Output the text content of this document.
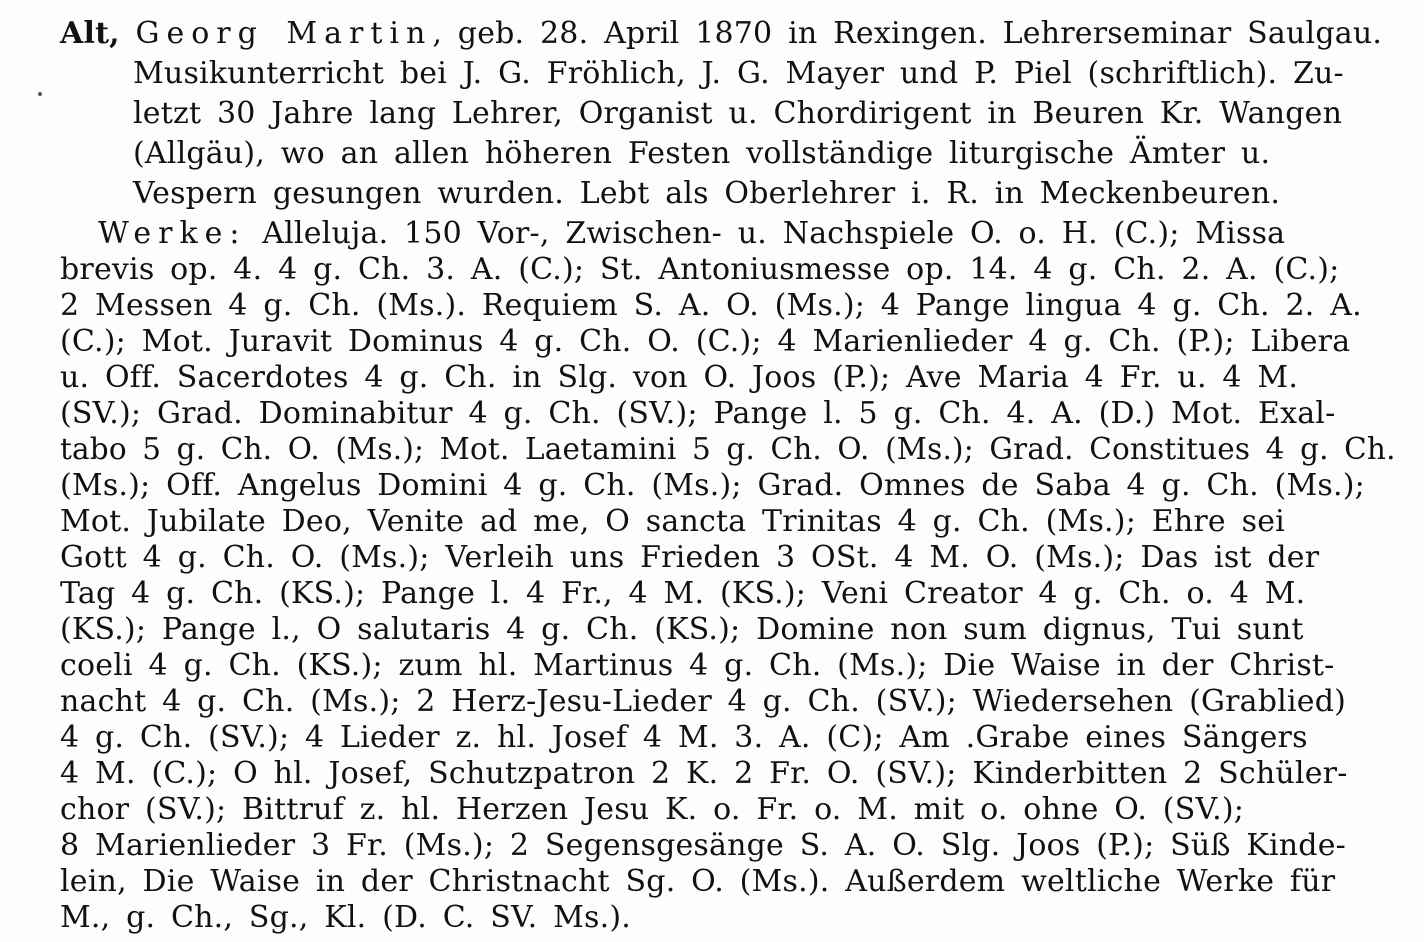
Alt, Georg Martin, geb. 28. April 1870 in Rexingen. Lehrerseminar Saulgau.
Musikunterricht bei J. G. Fröhlich, J. G. Mayer und P. Piel (schriftlich). Zu-
letzt 30 Jahre lang Lehrer, Organist u. Chordirigent in Beuren Kr. Wangen
(Allgäu), wo an allen höheren Festen vollständige liturgische Ämter u.
Vespern gesungen wurden. Lebt als Oberlehrer i. R. in Meckenbeuren.
Werke: Alleluja. 150 Vor-, Zwischen- u. Nachspiele O. o. H. (C.); Missa
brevis op. 4. 4 g. Ch. 3. A. (C.); St. Antoniusmesse op. 14. 4 g. Ch. 2. A. (C.);
2 Messen 4 g. Ch. (Ms.). Requiem S. A. O. (Ms.); 4 Pange lingua 4 g. Ch. 2. A.
(C.); Mot. Juravit Dominus 4 g. Ch. O. (C.); 4 Marienlieder 4 g. Ch. (P.); Libera
u. Off. Sacerdotes 4 g. Ch. in Slg. von O. Joos (P.); Ave Maria 4 Fr. u. 4 M.
(SV.); Grad. Dominabitur 4 g. Ch. (SV.); Pange l. 5 g. Ch. 4. A. (D.) Mot. Exal-
tabo 5 g. Ch. O. (Ms.); Mot. Laetamini 5 g. Ch. O. (Ms.); Grad. Constitues 4 g. Ch.
(Ms.); Off. Angelus Domini 4 g. Ch. (Ms.); Grad. Omnes de Saba 4 g. Ch. (Ms.);
Mot. Jubilate Deo, Venite ad me, O sancta Trinitas 4 g. Ch. (Ms.); Ehre sei
Gott 4 g. Ch. O. (Ms.); Verleih uns Frieden 3 OSt. 4 M. O. (Ms.); Das ist der
Tag 4 g. Ch. (KS.); Pange l. 4 Fr., 4 M. (KS.); Veni Creator 4 g. Ch. o. 4 M.
(KS.); Pange l., O salutaris 4 g. Ch. (KS.); Domine non sum dignus, Tui sunt
coeli 4 g. Ch. (KS.); zum hl. Martinus 4 g. Ch. (Ms.); Die Waise in der Christ-
nacht 4 g. Ch. (Ms.); 2 Herz-Jesu-Lieder 4 g. Ch. (SV.); Wiedersehen (Grablied)
4 g. Ch. (SV.); 4 Lieder z. hl. Josef 4 M. 3. A. (C); Am .Grabe eines Sängers
4 M. (C.); O hl. Josef, Schutzpatron 2 K. 2 Fr. O. (SV.); Kinderbitten 2 Schüler-
chor (SV.); Bittruf z. hl. Herzen Jesu K. o. Fr. o. M. mit o. ohne O. (SV.);
8 Marienlieder 3 Fr. (Ms.); 2 Segensgesänge S. A. O. Slg. Joos (P.); Süß Kinde-
lein, Die Waise in der Christnacht Sg. O. (Ms.). Außerdem weltliche Werke für
M., g. Ch., Sg., Kl. (D. C. SV. Ms.).
